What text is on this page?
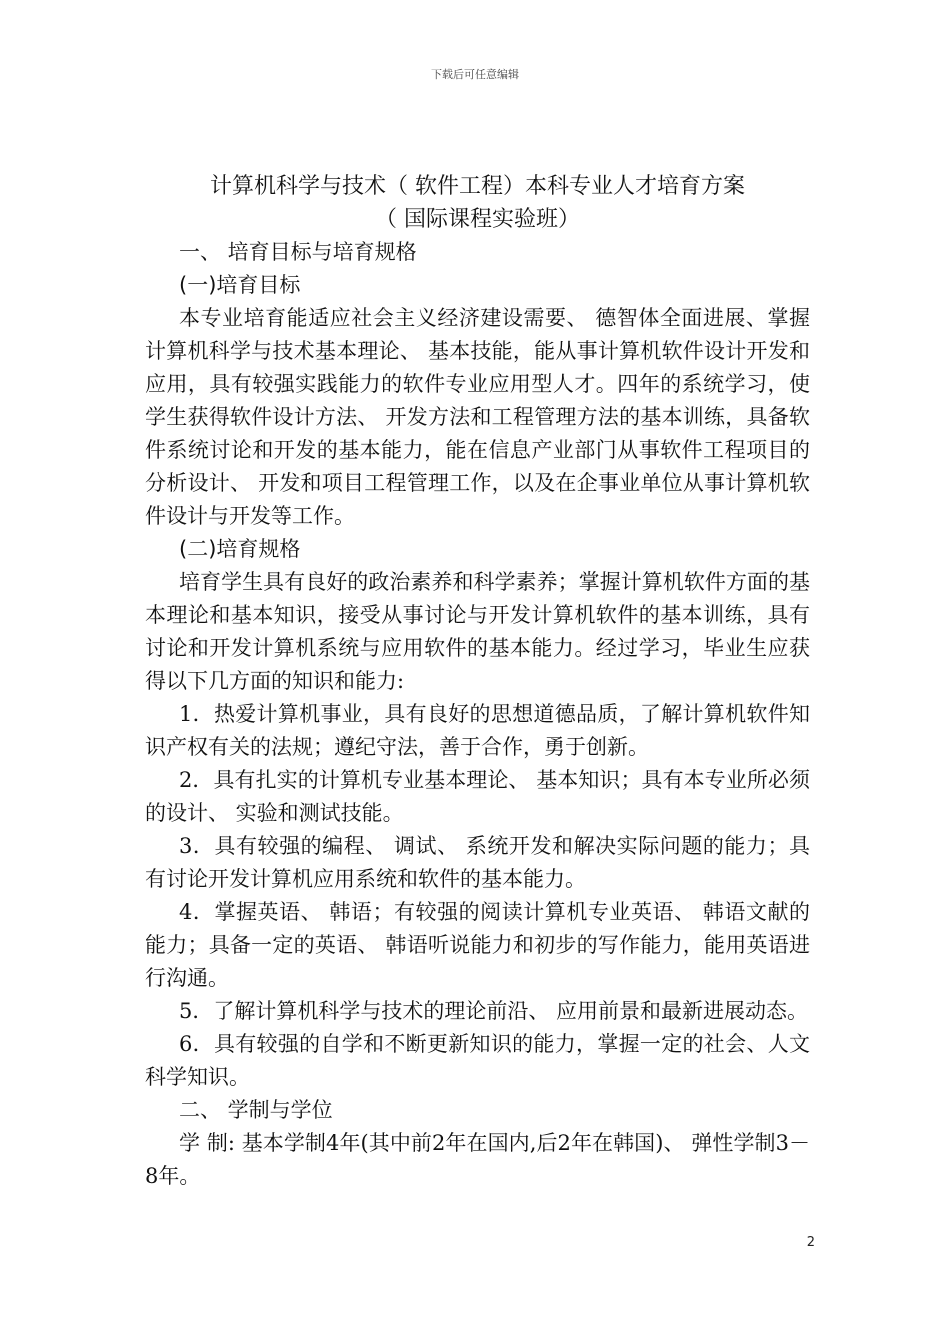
下载后可任意编辑
计算机科学与技术（ 软件工程）本科专业人才培育方案
（ 国际课程实验班）
一、 培育目标与培育规格
(一)培育目标
本专业培育能适应社会主义经济建设需要、 德智体全面进展、掌握计算机科学与技术基本理论、 基本技能，能从事计算机软件设计开发和应用，具有较强实践能力的软件专业应用型人才。四年的系统学习，使学生获得软件设计方法、 开发方法和工程管理方法的基本训练，具备软件系统讨论和开发的基本能力，能在信息产业部门从事软件工程项目的分析设计、 开发和项目工程管理工作，以及在企事业单位从事计算机软件设计与开发等工作。
(二)培育规格
培育学生具有良好的政治素养和科学素养；掌握计算机软件方面的基本理论和基本知识，接受从事讨论与开发计算机软件的基本训练，具有讨论和开发计算机系统与应用软件的基本能力。经过学习，毕业生应获得以下几方面的知识和能力:
1．热爱计算机事业，具有良好的思想道德品质，了解计算机软件知识产权有关的法规；遵纪守法，善于合作，勇于创新。
2．具有扎实的计算机专业基本理论、 基本知识；具有本专业所必须的设计、 实验和测试技能。
3．具有较强的编程、 调试、 系统开发和解决实际问题的能力；具有讨论开发计算机应用系统和软件的基本能力。
4．掌握英语、 韩语；有较强的阅读计算机专业英语、 韩语文献的能力；具备一定的英语、 韩语听说能力和初步的写作能力，能用英语进行沟通。
5．了解计算机科学与技术的理论前沿、 应用前景和最新进展动态。
6．具有较强的自学和不断更新知识的能力，掌握一定的社会、人文科学知识。
二、 学制与学位
学 制: 基本学制4年(其中前2年在国内,后2年在韩国)、 弹性学制3－8年。
2
